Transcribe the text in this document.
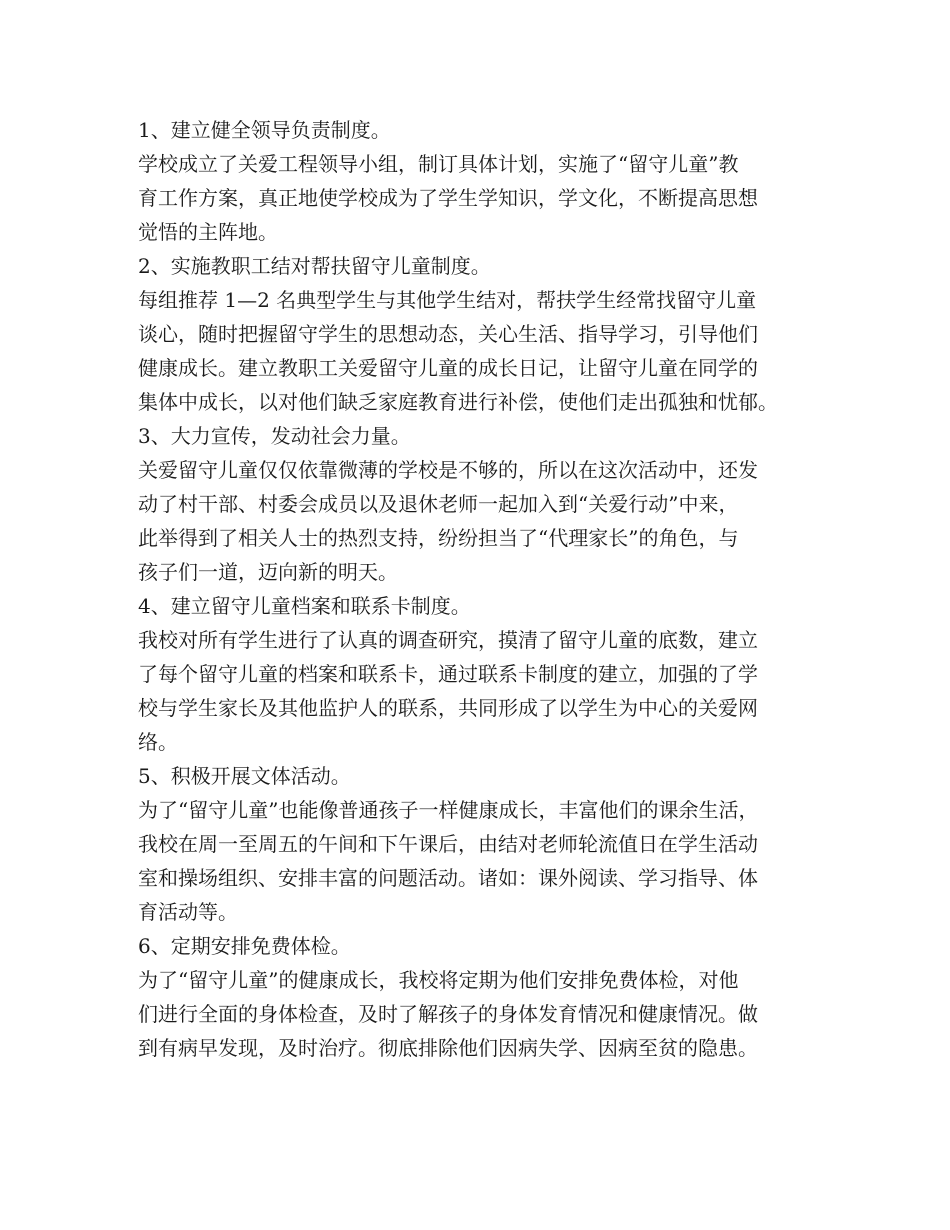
1、建立健全领导负责制度。
学校成立了关爱工程领导小组，制订具体计划，实施了“留守儿童”教
育工作方案，真正地使学校成为了学生学知识，学文化，不断提高思想
觉悟的主阵地。
2、实施教职工结对帮扶留守儿童制度。
每组推荐 1—2 名典型学生与其他学生结对，帮扶学生经常找留守儿童
谈心，随时把握留守学生的思想动态，关心生活、指导学习，引导他们
健康成长。建立教职工关爱留守儿童的成长日记，让留守儿童在同学的
集体中成长，以对他们缺乏家庭教育进行补偿，使他们走出孤独和忧郁。
3、大力宣传，发动社会力量。
关爱留守儿童仅仅依靠微薄的学校是不够的，所以在这次活动中，还发
动了村干部、村委会成员以及退休老师一起加入到“关爱行动”中来，
此举得到了相关人士的热烈支持，纷纷担当了“代理家长”的角色，与
孩子们一道，迈向新的明天。
4、建立留守儿童档案和联系卡制度。
我校对所有学生进行了认真的调查研究，摸清了留守儿童的底数，建立
了每个留守儿童的档案和联系卡，通过联系卡制度的建立，加强的了学
校与学生家长及其他监护人的联系，共同形成了以学生为中心的关爱网
络。
5、积极开展文体活动。
为了“留守儿童”也能像普通孩子一样健康成长，丰富他们的课余生活，
我校在周一至周五的午间和下午课后，由结对老师轮流值日在学生活动
室和操场组织、安排丰富的问题活动。诸如：课外阅读、学习指导、体
育活动等。
6、定期安排免费体检。
为了“留守儿童”的健康成长，我校将定期为他们安排免费体检，对他
们进行全面的身体检查，及时了解孩子的身体发育情况和健康情况。做
到有病早发现，及时治疗。彻底排除他们因病失学、因病至贫的隐患。
